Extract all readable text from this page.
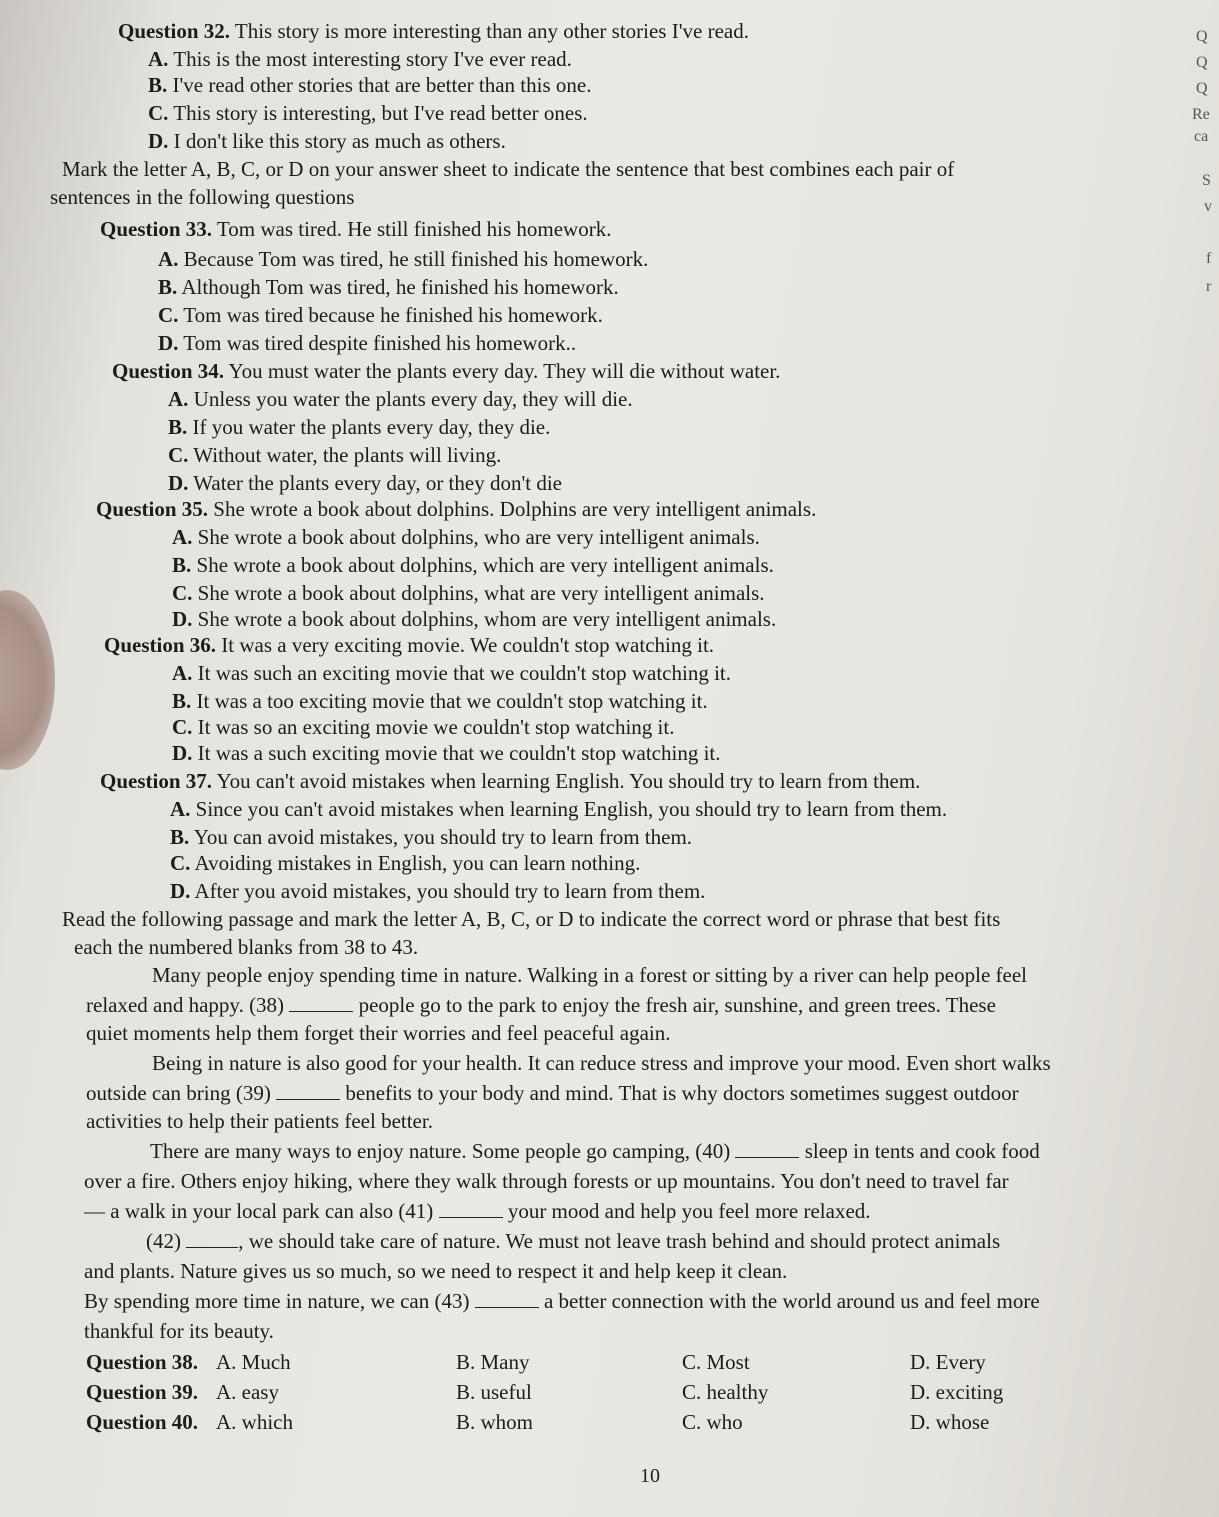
Question 32. This story is more interesting than any other stories I've read.
A. This is the most interesting story I've ever read.
B. I've read other stories that are better than this one.
C. This story is interesting, but I've read better ones.
D. I don't like this story as much as others.
Mark the letter A, B, C, or D on your answer sheet to indicate the sentence that best combines each pair of
sentences in the following questions
Question 33. Tom was tired. He still finished his homework.
A. Because Tom was tired, he still finished his homework.
B. Although Tom was tired, he finished his homework.
C. Tom was tired because he finished his homework.
D. Tom was tired despite finished his homework..
Question 34. You must water the plants every day. They will die without water.
A. Unless you water the plants every day, they will die.
B. If you water the plants every day, they die.
C. Without water, the plants will living.
D. Water the plants every day, or they don't die
Question 35. She wrote a book about dolphins. Dolphins are very intelligent animals.
A. She wrote a book about dolphins, who are very intelligent animals.
B. She wrote a book about dolphins, which are very intelligent animals.
C. She wrote a book about dolphins, what are very intelligent animals.
D. She wrote a book about dolphins, whom are very intelligent animals.
Question 36. It was a very exciting movie. We couldn't stop watching it.
A. It was such an exciting movie that we couldn't stop watching it.
B. It was a too exciting movie that we couldn't stop watching it.
C. It was so an exciting movie we couldn't stop watching it.
D. It was a such exciting movie that we couldn't stop watching it.
Question 37. You can't avoid mistakes when learning English. You should try to learn from them.
A. Since you can't avoid mistakes when learning English, you should try to learn from them.
B. You can avoid mistakes, you should try to learn from them.
C. Avoiding mistakes in English, you can learn nothing.
D. After you avoid mistakes, you should try to learn from them.
Read the following passage and mark the letter A, B, C, or D to indicate the correct word or phrase that best fits
each the numbered blanks from 38 to 43.
Many people enjoy spending time in nature. Walking in a forest or sitting by a river can help people feel
relaxed and happy. (38)	people go to the park to enjoy the fresh air, sunshine, and green trees. These
quiet moments help them forget their worries and feel peaceful again.
Being in nature is also good for your health. It can reduce stress and improve your mood. Even short walks
outside can bring (39)	benefits to your body and mind. That is why doctors sometimes suggest outdoor
activities to help their patients feel better.
There are many ways to enjoy nature. Some people go camping, (40)	sleep in tents and cook food
over a fire. Others enjoy hiking, where they walk through forests or up mountains. You don't need to travel far
— a walk in your local park can also (41)	your mood and help you feel more relaxed.
(42)	, we should take care of nature. We must not leave trash behind and should protect animals
and plants. Nature gives us so much, so we need to respect it and help keep it clean.
By spending more time in nature, we can (43)	a better connection with the world around us and feel more
thankful for its beauty.
Question 38. A. Much	B. Many	C. Most	D. Every
Question 39. A. easy	B. useful	C. healthy	D. exciting
Question 40. A. which	B. whom	C. who	D. whose
10
Q
Q
Q
Re
ca
S
v
f
r
